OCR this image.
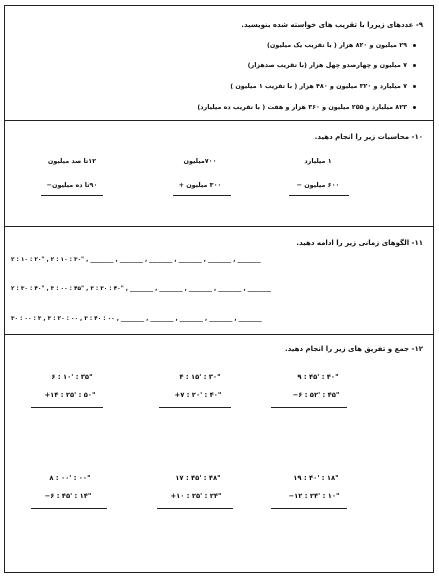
۹- عددهای زیررا با تقریب های خواسته شده بنویسید.
۲۹ میلیون و ۸۲۰ هزار ( با تقریب یک میلیون)
۷ میلیون و چهارصدو چهل هزار (با تقریب صدهزار)
۷ میلیارد و ۳۲۰ میلیون و ۴۸۰ هزار ( با تقریب ۱ میلیون )
۸۲۳ میلیارد و ۲۵۵ میلیون و ۳۶۰ هزار و هفت ( با تقریب ده میلیارد)
۱۰- محاسبات زیر را انجام دهید.
۱ میلیارد
۶۰۰ میلیون −
۷۰۰میلیون
۳۰۰ میلیون +
۱۲تا صد میلیون
۹۰تا ده میلیون−
۱۱- الگوهای زمانی زیر را ادامه دهید.
۲ : ۱۰ : ۲۰" , ۲ : ۱۰ : ۳۰" , ________ , ________ , ________ , ________ , ________ , ________
۲ : ۳۰ : ۴۰" , ۳ : ۰۰ : ۴۵" , ۳ : ۳۰ : ۴۰" , ________ , ________ , ________ , ________ , ________
۳۰ : ۰۰ : ۳ , ۳ : ۲۰ : ۰۰ , ۳ : ۴۰ : ۰۰ , ________ , ________ , ________ , ________ , ________
۱۲- جمع و تفریق های زیر را انجام دهید.
۹ : ۴۵' : ۴۰"
−۶ : ۵۲' : ۴۵"
۴ : ۱۵' : ۳۰"
+۷ : ۲۰' : ۴۰"
۶ : ۱۰' : ۳۵"
+۱۴ : ۲۵' : ۵۰"
۱۹ : ۴۰' : ۱۸"
−۱۲ : ۲۴' : ۱۰"
۱۷ : ۴۵' : ۴۸"
+۱۰ : ۲۵' : ۲۴"
۸ : ۰۰' : ۰۰"
−۶ : ۴۵' : ۱۴"
